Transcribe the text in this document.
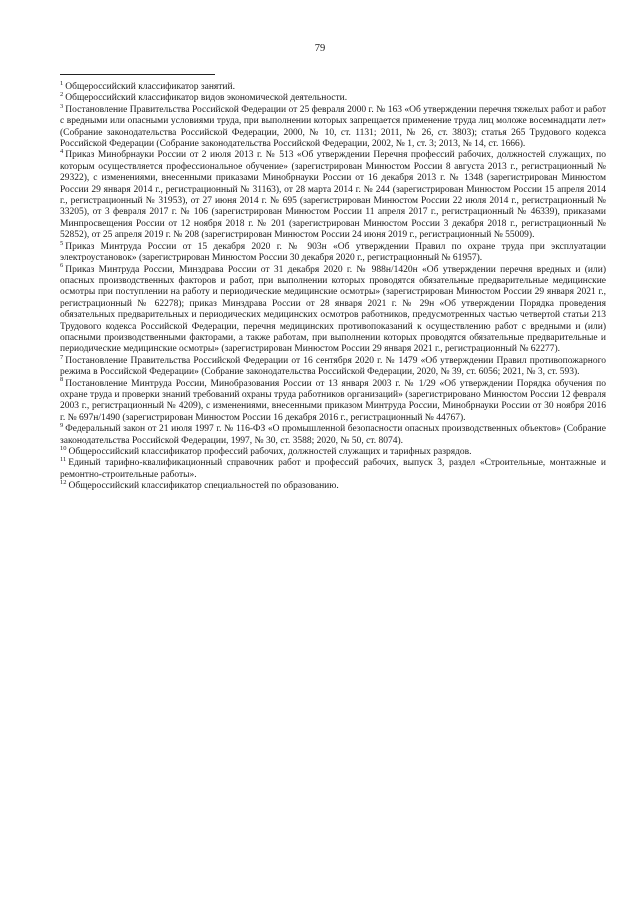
79

$^1$ Общероссийский классификатор занятий.

$^2$ Общероссийский классификатор видов экономической деятельности.

$^3$ Постановление Правительства Российской Федерации от 25 февраля 2000 г. № 163 «Об утверждении перечня тяжелых работ и работ с вредными или опасными условиями труда, при выполнении которых запрещается применение труда лиц моложе восемнадцати лет» (Собрание законодательства Российской Федерации, 2000, № 10, ст. 1131; 2011, № 26, ст. 3803); статья 265 Трудового кодекса Российской Федерации (Собрание законодательства Российской Федерации, 2002, № 1, ст. 3; 2013, № 14, ст. 1666).

$^4$ Приказ Минобрнауки России от 2 июля 2013 г. № 513 «Об утверждении Перечня профессий рабочих, должностей служащих, по которым осуществляется профессиональное обучение» (зарегистрирован Минюстом России 8 августа 2013 г., регистрационный № 29322), с изменениями, внесенными приказами Минобрнауки России от 16 декабря 2013 г. № 1348 (зарегистрирован Минюстом России 29 января 2014 г., регистрационный № 31163), от 28 марта 2014 г. № 244 (зарегистрирован Минюстом России 15 апреля 2014 г., регистрационный № 31953), от 27 июня 2014 г. № 695 (зарегистрирован Минюстом России 22 июля 2014 г., регистрационный № 33205), от 3 февраля 2017 г. № 106 (зарегистрирован Минюстом России 11 апреля 2017 г., регистрационный № 46339), приказами Минпросвещения России от 12 ноября 2018 г. № 201 (зарегистрирован Минюстом России 3 декабря 2018 г., регистрационный № 52852), от 25 апреля 2019 г. № 208 (зарегистрирован Минюстом России 24 июня 2019 г., регистрационный № 55009).

$^5$ Приказ Минтруда России от 15 декабря 2020 г. № 903н «Об утверждении Правил по охране труда при эксплуатации электроустановок» (зарегистрирован Минюстом России 30 декабря 2020 г., регистрационный № 61957).

$^6$ Приказ Минтруда России, Минздрава России от 31 декабря 2020 г. № 988н/1420н «Об утверждении перечня вредных и (или) опасных производственных факторов и работ, при выполнении которых проводятся обязательные предварительные медицинские осмотры при поступлении на работу и периодические медицинские осмотры» (зарегистрирован Минюстом России 29 января 2021 г., регистрационный № 62278); приказ Минздрава России от 28 января 2021 г. № 29н «Об утверждении Порядка проведения обязательных предварительных и периодических медицинских осмотров работников, предусмотренных частью четвертой статьи 213 Трудового кодекса Российской Федерации, перечня медицинских противопоказаний к осуществлению работ с вредными и (или) опасными производственными факторами, а также работам, при выполнении которых проводятся обязательные предварительные и периодические медицинские осмотры» (зарегистрирован Минюстом России 29 января 2021 г., регистрационный № 62277).

$^7$ Постановление Правительства Российской Федерации от 16 сентября 2020 г. № 1479 «Об утверждении Правил противопожарного режима в Российской Федерации» (Собрание законодательства Российской Федерации, 2020, № 39, ст. 6056; 2021, № 3, ст. 593).

$^8$ Постановление Минтруда России, Минобразования России от 13 января 2003 г. № 1/29 «Об утверждении Порядка обучения по охране труда и проверки знаний требований охраны труда работников организаций» (зарегистрировано Минюстом России 12 февраля 2003 г., регистрационный № 4209), с изменениями, внесенными приказом Минтруда России, Минобрнауки России от 30 ноября 2016 г. № 697н/1490 (зарегистрирован Минюстом России 16 декабря 2016 г., регистрационный № 44767).

$^9$ Федеральный закон от 21 июля 1997 г. № 116-ФЗ «О промышленной безопасности опасных производственных объектов» (Собрание законодательства Российской Федерации, 1997, № 30, ст. 3588; 2020, № 50, ст. 8074).

$^{10}$ Общероссийский классификатор профессий рабочих, должностей служащих и тарифных разрядов.

$^{11}$ Единый тарифно-квалификационный справочник работ и профессий рабочих, выпуск 3, раздел «Строительные, монтажные и ремонтно-строительные работы».

$^{12}$ Общероссийский классификатор специальностей по образованию.
